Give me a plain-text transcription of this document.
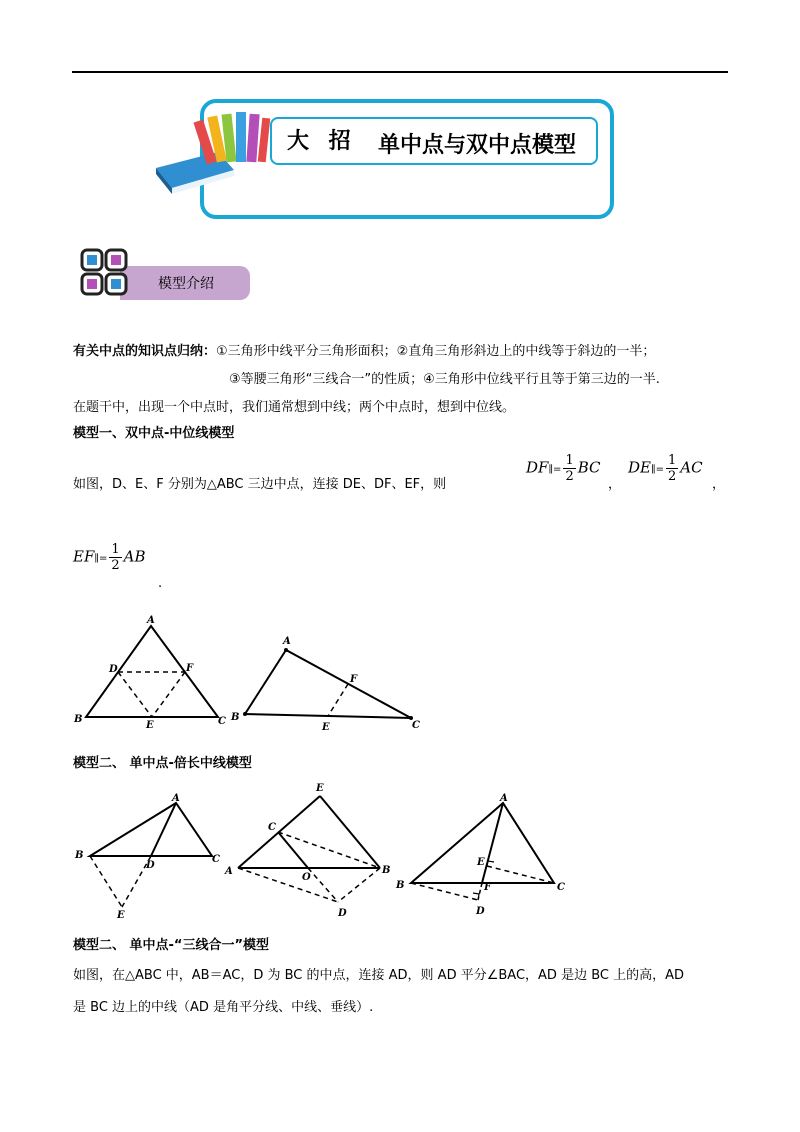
大 招 单中点与双中点模型
模型介绍
有关中点的知识点归纳：①三角形中线平分三角形面积；②直角三角形斜边上的中线等于斜边的一半；
③等腰三角形“三线合一”的性质；④三角形中位线平行且等于第三边的一半.
在题干中，出现一个中点时，我们通常想到中线；两个中点时，想到中位线。
模型一、双中点-中位线模型
如图，D、E、F 分别为△ABC 三边中点，连接 DE、DF、EF，则
DF∥= $\frac{1}{2}$ BC
，
DE∥= $\frac{1}{2}$ AC
，
EF∥= $\frac{1}{2}$ AB
.
A
B	C
D
E
F
A
B
C
E
F
模型二、 单中点-倍长中线模型
A
B	C
D
E
E
C
A
O
B
D
A
E
B	F	C
D
模型二、 单中点-“三线合一”模型
如图，在△ABC 中，AB＝AC，D 为 BC 的中点，连接 AD，则 AD 平分∠BAC，AD 是边 BC 上的高，AD
是 BC 边上的中线（AD 是角平分线、中线、垂线）.
